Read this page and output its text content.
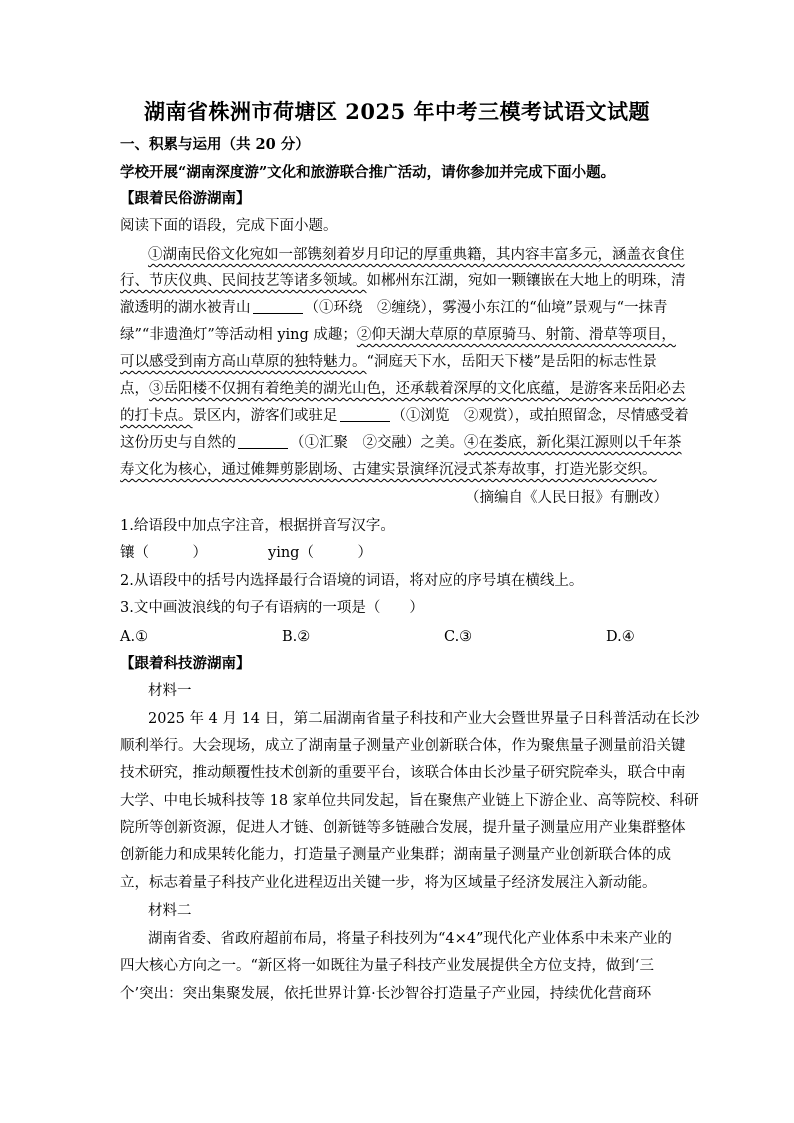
湖南省株洲市荷塘区 2025 年中考三模考试语文试题
一、积累与运用（共 20 分）
学校开展“湖南深度游”文化和旅游联合推广活动，请你参加并完成下面小题。
【跟着民俗游湖南】
阅读下面的语段，完成下面小题。
①湖南民俗文化宛如一部镌刻着岁月印记的厚重典籍，其内容丰富多元，涵盖衣食住
行、节庆仪典、民间技艺等诸多领域。如郴州东江湖，宛如一颗镶嵌在大地上的明珠，清
澈透明的湖水被青山	（①环绕　②缠绕），雾漫小东江的“仙境”景观与“一抹青
绿”“非遗渔灯”等活动相 ying 成趣；②仰天湖大草原的草原骑马、射箭、滑草等项目，
可以感受到南方高山草原的独特魅力。“洞庭天下水，岳阳天下楼”是岳阳的标志性景
点，③岳阳楼不仅拥有着绝美的湖光山色，还承载着深厚的文化底蕴，是游客来岳阳必去
的打卡点。景区内，游客们或驻足	（①浏览　②观赏），或拍照留念，尽情感受着
这份历史与自然的	（①汇聚　②交融）之美。④在娄底，新化渠江源则以千年茶
寿文化为核心，通过傩舞剪影剧场、古建实景演绎沉浸式茶寿故事，打造光影交织。
（摘编自《人民日报》有删改）
1.给语段中加点字注音，根据拼音写汉字。
镶（　　　）	ying（　　　）
2.从语段中的括号内选择最行合语境的词语，将对应的序号填在横线上。
3.文中画波浪线的句子有语病的一项是（　　）
A.①	B.②	C.③	D.④
【跟着科技游湖南】
材料一
2025 年 4 月 14 日，第二届湖南省量子科技和产业大会暨世界量子日科普活动在长沙
顺利举行。大会现场，成立了湖南量子测量产业创新联合体，作为聚焦量子测量前沿关键
技术研究，推动颠覆性技术创新的重要平台，该联合体由长沙量子研究院牵头，联合中南
大学、中电长城科技等 18 家单位共同发起，旨在聚焦产业链上下游企业、高等院校、科研
院所等创新资源，促进人才链、创新链等多链融合发展，提升量子测量应用产业集群整体
创新能力和成果转化能力，打造量子测量产业集群；湖南量子测量产业创新联合体的成
立，标志着量子科技产业化进程迈出关键一步，将为区域量子经济发展注入新动能。
材料二
湖南省委、省政府超前布局，将量子科技列为“4×4”现代化产业体系中未来产业的
四大核心方向之一。“新区将一如既往为量子科技产业发展提供全方位支持，做到‘三
个’突出：突出集聚发展，依托世界计算·长沙智谷打造量子产业园，持续优化营商环
